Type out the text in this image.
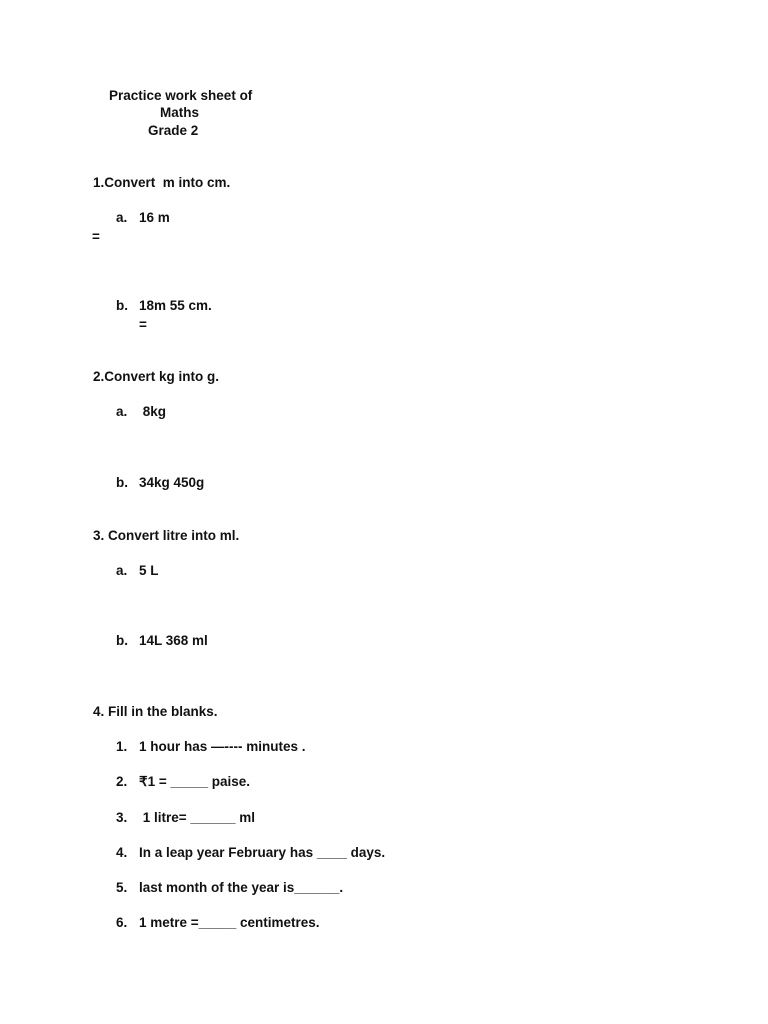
Practice work sheet of
Maths
Grade 2
1.Convert  m into cm.
a. 16 m
=
b. 18m 55 cm.
=
2.Convert kg into g.
a. 8kg
b. 34kg 450g
3. Convert litre into ml.
a. 5 L
b. 14L 368 ml
4. Fill in the blanks.
1. 1 hour has —---- minutes .
2. ₹1 = _____ paise.
3. 1 litre= ______ ml
4. In a leap year February has ____ days.
5. last month of the year is______.
6. 1 metre =_____ centimetres.
